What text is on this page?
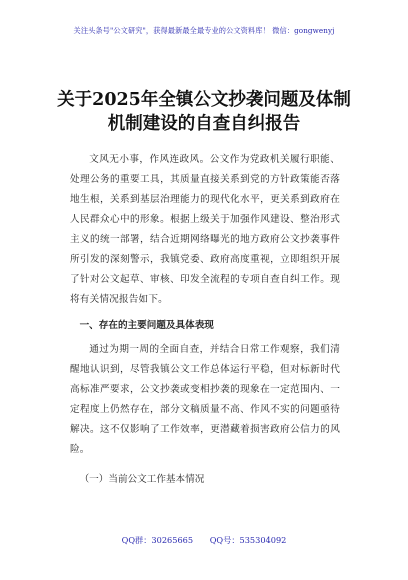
关注头条号"公文研究"，获得最新最全最专业的公文资料库！ 微信：gongwenyj
关于2025年全镇公文抄袭问题及体制
机制建设的自查自纠报告

文风无小事，作风连政风。公文作为党政机关履行职能、处理公务的重要工具，其质量直接关系到党的方针政策能否落地生根，关系到基层治理能力的现代化水平，更关系到政府在人民群众心中的形象。根据上级关于加强作风建设、整治形式主义的统一部署，结合近期网络曝光的地方政府公文抄袭事件所引发的深刻警示，我镇党委、政府高度重视，立即组织开展了针对公文起草、审核、印发全流程的专项自查自纠工作。现将有关情况报告如下。

一、存在的主要问题及具体表现

通过为期一周的全面自查，并结合日常工作观察，我们清醒地认识到，尽管我镇公文工作总体运行平稳，但对标新时代高标准严要求，公文抄袭或变相抄袭的现象在一定范围内、一定程度上仍然存在，部分文稿质量不高、作风不实的问题亟待解决。这不仅影响了工作效率，更潜藏着损害政府公信力的风险。

（一）当前公文工作基本情况

QQ群：30265665 QQ号：535304092
